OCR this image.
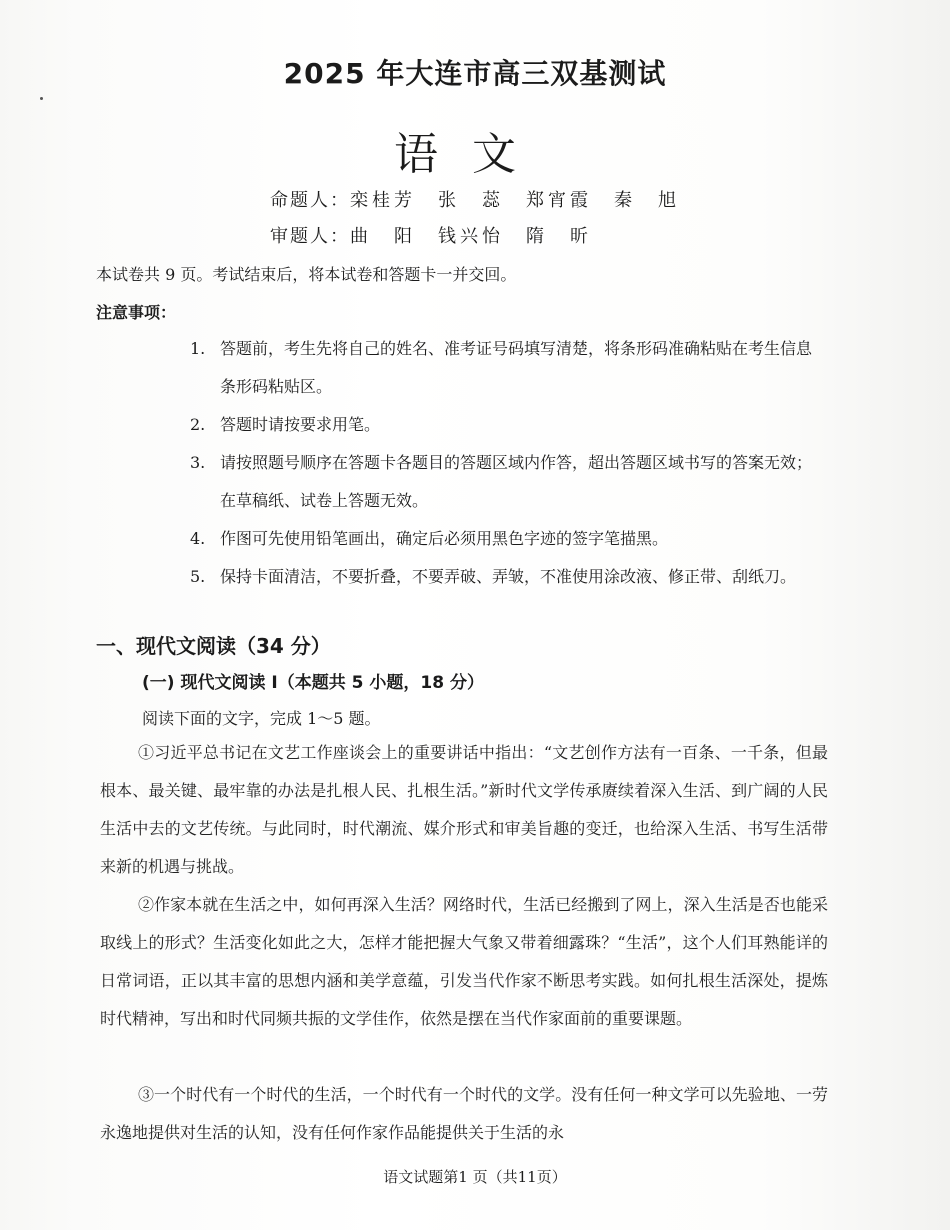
2025 年大连市高三双基测试
语文
命题人：栾桂芳　张　蕊　郑宵霞　秦　旭
审题人：曲　阳　钱兴怡　隋　昕
本试卷共 9 页。考试结束后，将本试卷和答题卡一并交回。
注意事项：
1. 答题前，考生先将自己的姓名、准考证号码填写清楚，将条形码准确粘贴在考生信息条形码粘贴区。
2. 答题时请按要求用笔。
3. 请按照题号顺序在答题卡各题目的答题区域内作答，超出答题区域书写的答案无效；在草稿纸、试卷上答题无效。
4. 作图可先使用铅笔画出，确定后必须用黑色字迹的签字笔描黑。
5. 保持卡面清洁，不要折叠，不要弄破、弄皱，不准使用涂改液、修正带、刮纸刀。
一、现代文阅读（34 分）
(一) 现代文阅读 I（本题共 5 小题，18 分）
阅读下面的文字，完成 1～5 题。

①习近平总书记在文艺工作座谈会上的重要讲话中指出：“文艺创作方法有一百条、一千条，但最根本、最关键、最牢靠的办法是扎根人民、扎根生活。”新时代文学传承赓续着深入生活、到广阔的人民生活中去的文艺传统。与此同时，时代潮流、媒介形式和审美旨趣的变迁，也给深入生活、书写生活带来新的机遇与挑战。

②作家本就在生活之中，如何再深入生活？网络时代，生活已经搬到了网上，深入生活是否也能采取线上的形式？生活变化如此之大，怎样才能把握大气象又带着细露珠？“生活”，这个人们耳熟能详的日常词语，正以其丰富的思想内涵和美学意蕴，引发当代作家不断思考实践。如何扎根生活深处，提炼时代精神，写出和时代同频共振的文学佳作，依然是摆在当代作家面前的重要课题。

③一个时代有一个时代的生活，一个时代有一个时代的文学。没有任何一种文学可以先验地、一劳永逸地提供对生活的认知，没有任何作家作品能提供关于生活的永

语文试题第1 页（共11页）
